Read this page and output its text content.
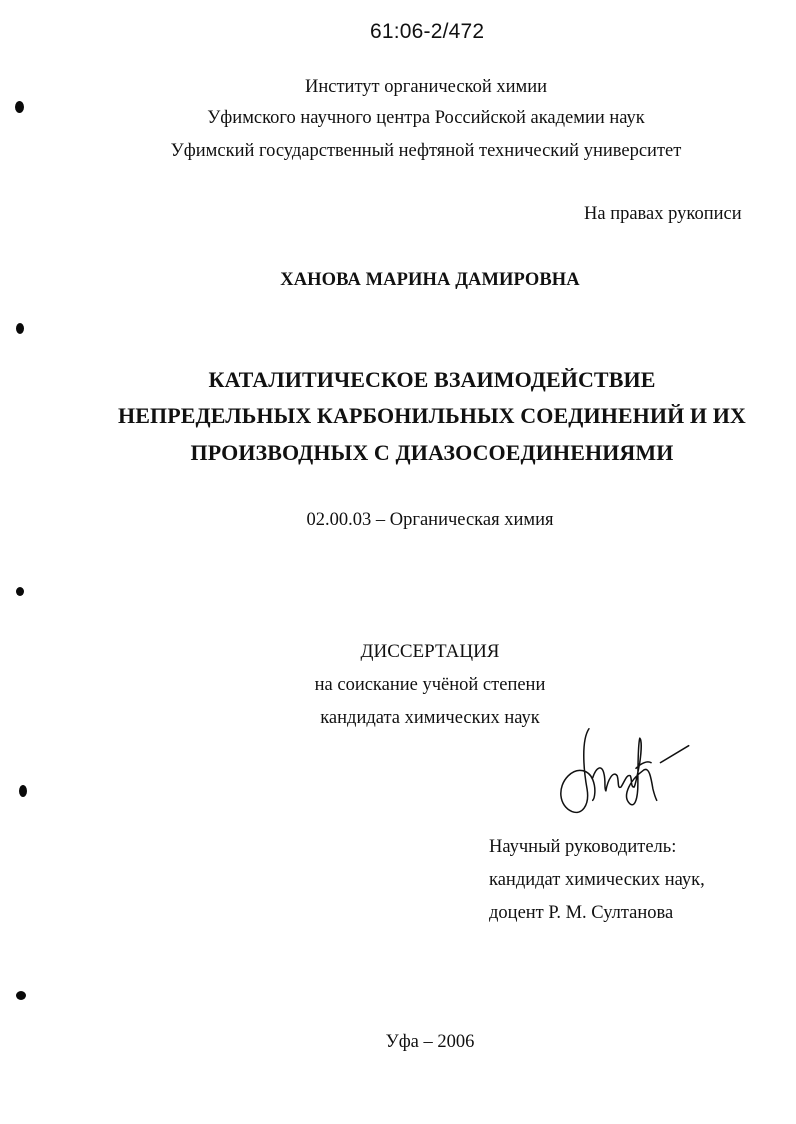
61:06-2/472
Институт органической химии
Уфимского научного центра Российской академии наук
Уфимский государственный нефтяной технический университет
На правах рукописи
ХАНОВА МАРИНА ДАМИРОВНА
КАТАЛИТИЧЕСКОЕ ВЗАИМОДЕЙСТВИЕ
НЕПРЕДЕЛЬНЫХ КАРБОНИЛЬНЫХ СОЕДИНЕНИЙ И ИХ
ПРОИЗВОДНЫХ С ДИАЗОСОЕДИНЕНИЯМИ
02.00.03 – Органическая химия
ДИССЕРТАЦИЯ
на соискание учёной степени
кандидата химических наук
Научный руководитель:
кандидат химических наук,
доцент Р. М. Султанова
Уфа – 2006
